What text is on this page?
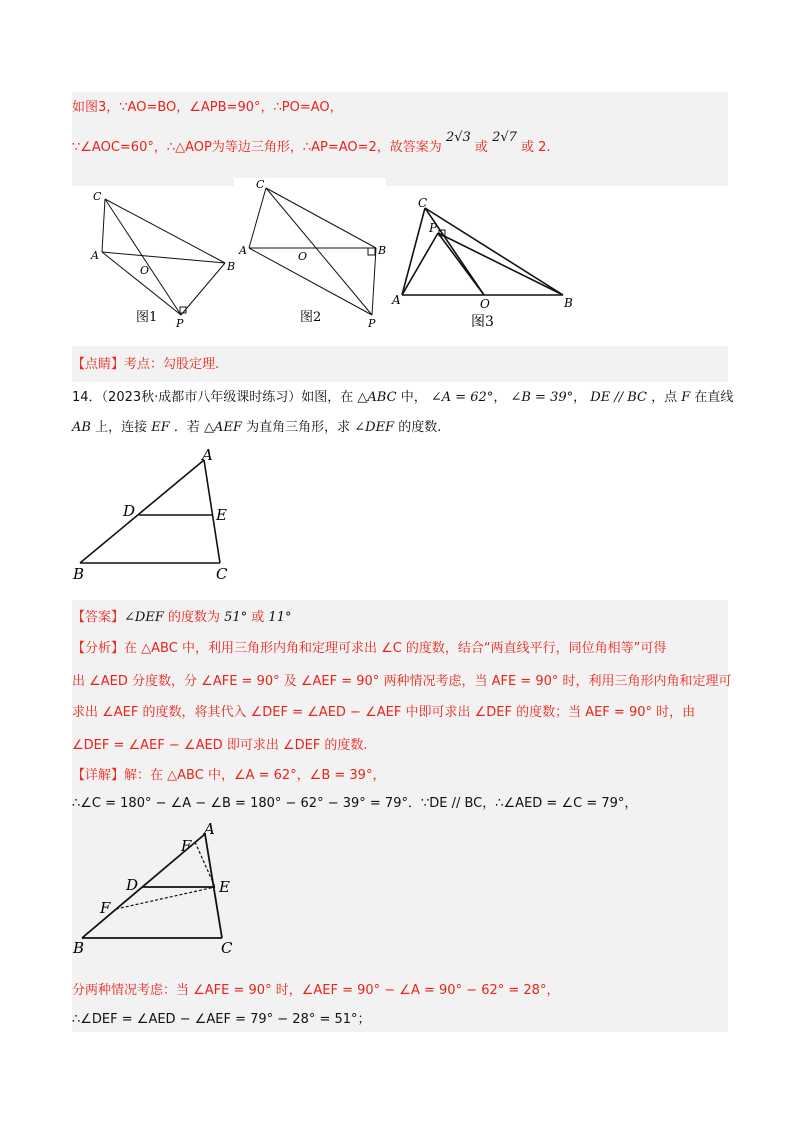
如图3，∵AO=BO，∠APB=90°，∴PO=AO，
∵∠AOC=60°，∴△AOP为等边三角形，∴AP=AO=2，故答案为 2√3 或 2√7 或 2.
C
A
B
O
P
图1
C
A	B
O
P
图2
C
P
A	O	B
图3
【点睛】考点：勾股定理.
14．（2023秋·成都市八年级课时练习）如图，在 △ABC 中， ∠A = 62°， ∠B = 39°， DE // BC ，点 F 在直线
AB 上，连接 EF ．若 △AEF 为直角三角形，求 ∠DEF 的度数.
A
D	E
B	C
【答案】∠DEF 的度数为 51° 或 11°
【分析】在 △ABC 中，利用三角形内角和定理可求出 ∠C 的度数，结合“两直线平行，同位角相等”可得
出 ∠AED 分度数，分 ∠AFE = 90° 及 ∠AEF = 90° 两种情况考虑，当 AFE = 90° 时，利用三角形内角和定理可
求出 ∠AEF 的度数，将其代入 ∠DEF = ∠AED − ∠AEF 中即可求出 ∠DEF 的度数；当 AEF = 90° 时，由
∠DEF = ∠AEF − ∠AED 即可求出 ∠DEF 的度数.
【详解】解：在 △ABC 中，∠A = 62°，∠B = 39°，
∴∠C = 180° − ∠A − ∠B = 180° − 62° − 39° = 79°．∵DE // BC，∴∠AED = ∠C = 79°，
A
F
D	E
F
B	C
分两种情况考虑：当 ∠AFE = 90° 时，∠AEF = 90° − ∠A = 90° − 62° = 28°，
∴∠DEF = ∠AED − ∠AEF = 79° − 28° = 51°；
